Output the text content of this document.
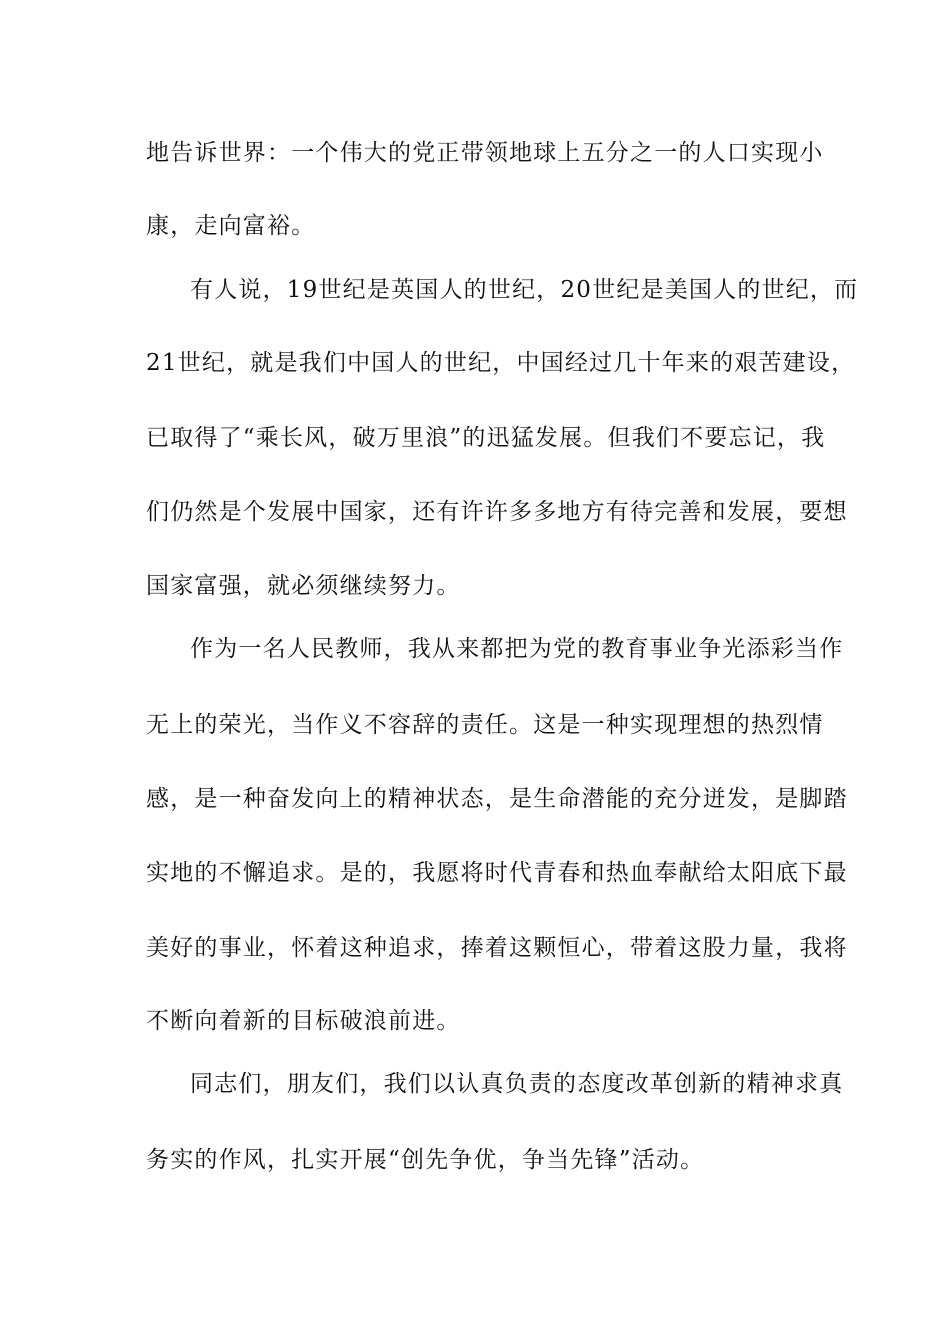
地告诉世界：一个伟大的党正带领地球上五分之一的人口实现小
康，走向富裕。
有人说，19世纪是英国人的世纪，20世纪是美国人的世纪，而
21世纪，就是我们中国人的世纪，中国经过几十年来的艰苦建设，
已取得了“乘长风，破万里浪”的迅猛发展。但我们不要忘记，我
们仍然是个发展中国家，还有许许多多地方有待完善和发展，要想
国家富强，就必须继续努力。
作为一名人民教师，我从来都把为党的教育事业争光添彩当作
无上的荣光，当作义不容辞的责任。这是一种实现理想的热烈情
感，是一种奋发向上的精神状态，是生命潜能的充分迸发，是脚踏
实地的不懈追求。是的，我愿将时代青春和热血奉献给太阳底下最
美好的事业，怀着这种追求，捧着这颗恒心，带着这股力量，我将
不断向着新的目标破浪前进。
同志们，朋友们，我们以认真负责的态度改革创新的精神求真
务实的作风，扎实开展“创先争优，争当先锋”活动。
